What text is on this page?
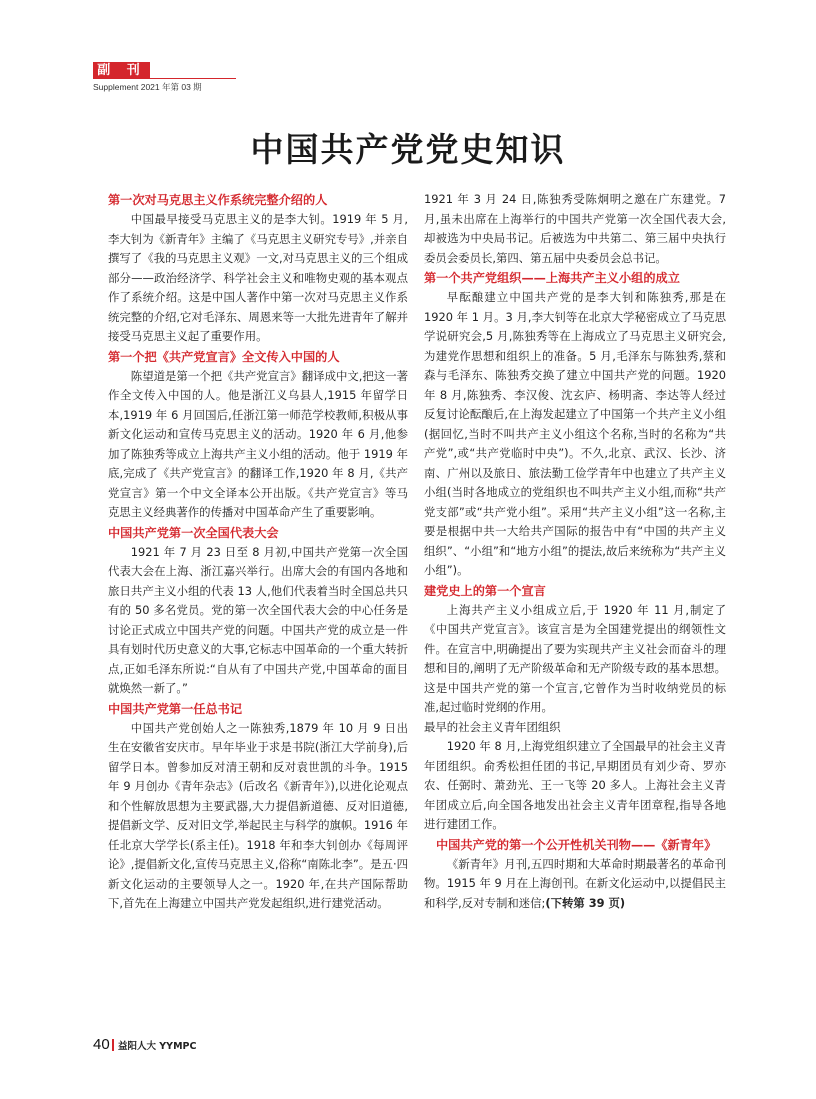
副 刊
Supplement 2021 年第 03 期
中国共产党党史知识

第一次对马克思主义作系统完整介绍的人

中国最早接受马克思主义的是李大钊。1919 年 5 月,李大钊为《新青年》主编了《马克思主义研究专号》,并亲自撰写了《我的马克思主义观》一文,对马克思主义的三个组成部分——政治经济学、科学社会主义和唯物史观的基本观点作了系统介绍。这是中国人著作中第一次对马克思主义作系统完整的介绍,它对毛泽东、周恩来等一大批先进青年了解并接受马克思主义起了重要作用。

第一个把《共产党宣言》全文传入中国的人

陈望道是第一个把《共产党宣言》翻译成中文,把这一著作全文传入中国的人。他是浙江义乌县人,1915 年留学日本,1919 年 6 月回国后,任浙江第一师范学校教师,积极从事新文化运动和宣传马克思主义的活动。1920 年 6 月,他参加了陈独秀等成立上海共产主义小组的活动。他于 1919 年底,完成了《共产党宣言》的翻译工作,1920 年 8 月,《共产党宣言》第一个中文全译本公开出版。《共产党宣言》等马克思主义经典著作的传播对中国革命产生了重要影响。

中国共产党第一次全国代表大会

1921 年 7 月 23 日至 8 月初,中国共产党第一次全国代表大会在上海、浙江嘉兴举行。出席大会的有国内各地和旅日共产主义小组的代表 13 人,他们代表着当时全国总共只有的 50 多名党员。党的第一次全国代表大会的中心任务是讨论正式成立中国共产党的问题。中国共产党的成立是一件具有划时代历史意义的大事,它标志中国革命的一个重大转折点,正如毛泽东所说:“自从有了中国共产党,中国革命的面目就焕然一新了。”

中国共产党第一任总书记

中国共产党创始人之一陈独秀,1879 年 10 月 9 日出生在安徽省安庆市。早年毕业于求是书院(浙江大学前身),后留学日本。曾参加反对清王朝和反对袁世凯的斗争。1915 年 9 月创办《青年杂志》(后改名《新青年》),以进化论观点和个性解放思想为主要武器,大力提倡新道德、反对旧道德,提倡新文学、反对旧文学,举起民主与科学的旗帜。1916 年任北京大学学长(系主任)。1918 年和李大钊创办《每周评论》,提倡新文化,宣传马克思主义,俗称“南陈北李”。是五·四新文化运动的主要领导人之一。1920 年,在共产国际帮助下,首先在上海建立中国共产党发起组织,进行建党活动。

1921 年 3 月 24 日,陈独秀受陈炯明之邀在广东建党。7 月,虽未出席在上海举行的中国共产党第一次全国代表大会,却被选为中央局书记。后被选为中共第二、第三届中央执行委员会委员长,第四、第五届中央委员会总书记。

第一个共产党组织——上海共产主义小组的成立

早酝酿建立中国共产党的是李大钊和陈独秀,那是在 1920 年 1 月。3 月,李大钊等在北京大学秘密成立了马克思学说研究会,5 月,陈独秀等在上海成立了马克思主义研究会,为建党作思想和组织上的准备。5 月,毛泽东与陈独秀,蔡和森与毛泽东、陈独秀交换了建立中国共产党的问题。1920 年 8 月,陈独秀、李汉俊、沈玄庐、杨明斋、李达等人经过反复讨论酝酿后,在上海发起建立了中国第一个共产主义小组(据回忆,当时不叫共产主义小组这个名称,当时的名称为“共产党”,或“共产党临时中央”)。不久,北京、武汉、长沙、济南、广州以及旅日、旅法勤工俭学青年中也建立了共产主义小组(当时各地成立的党组织也不叫共产主义小组,而称“共产党支部”或“共产党小组”。采用“共产主义小组”这一名称,主要是根据中共一大给共产国际的报告中有“中国的共产主义组织”、“小组”和“地方小组”的提法,故后来统称为“共产主义小组”)。

建党史上的第一个宣言

上海共产主义小组成立后,于 1920 年 11 月,制定了《中国共产党宣言》。该宣言是为全国建党提出的纲领性文件。在宣言中,明确提出了要为实现共产主义社会而奋斗的理想和目的,阐明了无产阶级革命和无产阶级专政的基本思想。这是中国共产党的第一个宣言,它曾作为当时收纳党员的标准,起过临时党纲的作用。

最早的社会主义青年团组织

1920 年 8 月,上海党组织建立了全国最早的社会主义青年团组织。俞秀松担任团的书记,早期团员有刘少奇、罗亦农、任弼时、萧劲光、王一飞等 20 多人。上海社会主义青年团成立后,向全国各地发出社会主义青年团章程,指导各地进行建团工作。

中国共产党的第一个公开性机关刊物——《新青年》

《新青年》月刊,五四时期和大革命时期最著名的革命刊物。1915 年 9 月在上海创刊。在新文化运动中,以提倡民主和科学,反对专制和迷信;(下转第 39 页)

40 益阳人大 YYMPC
